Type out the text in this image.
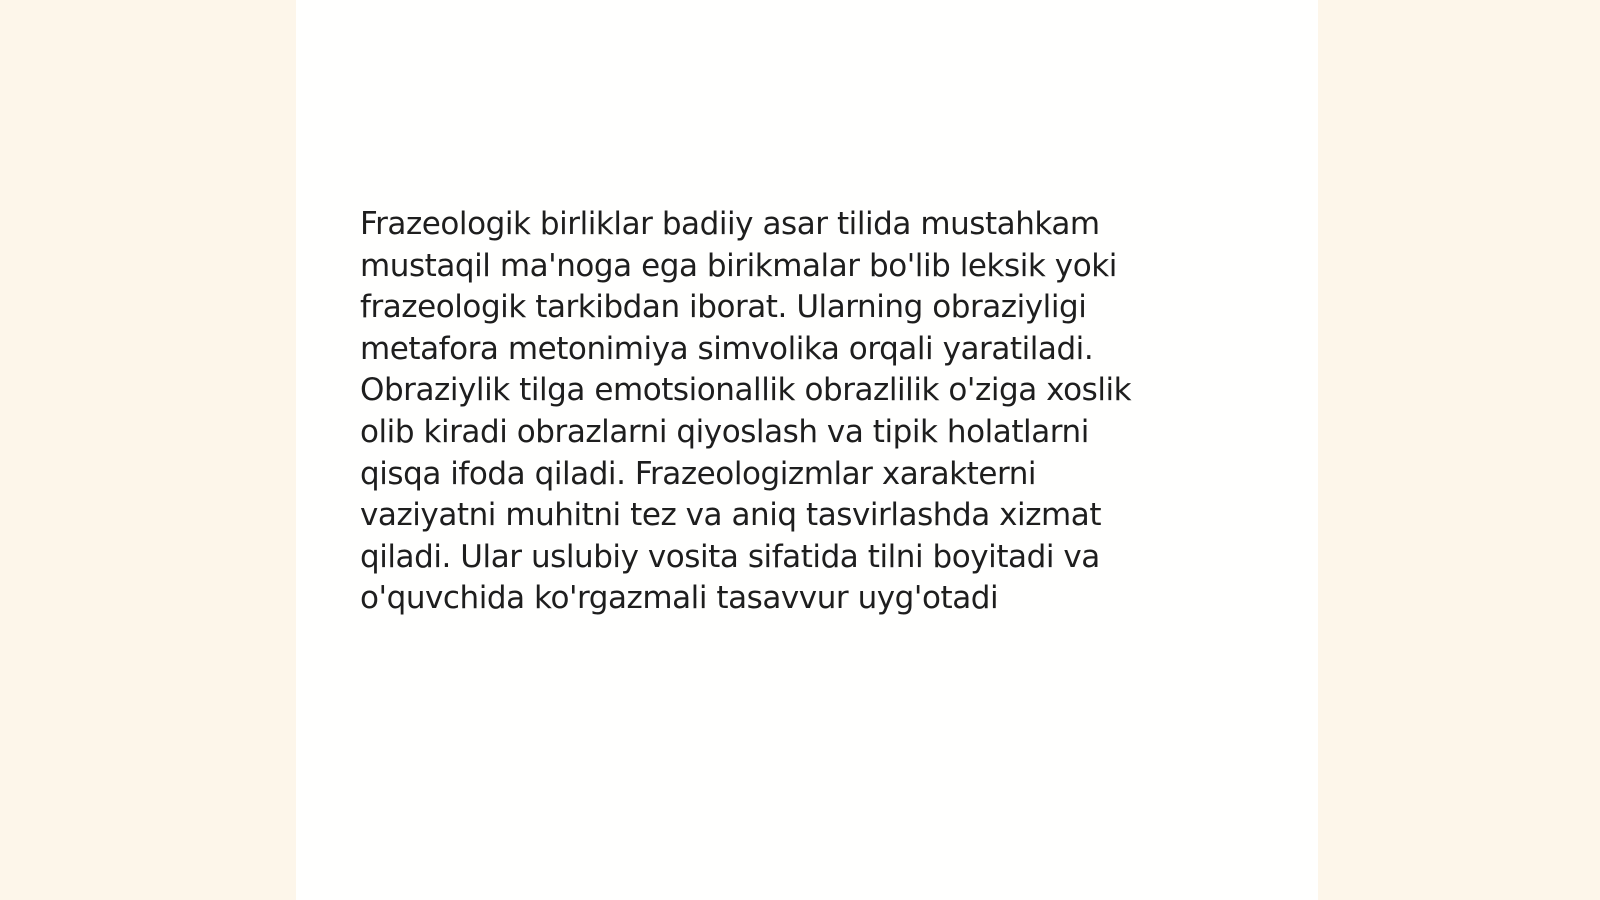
Frazeologik birliklar badiiy asar tilida mustahkam
mustaqil ma'noga ega birikmalar bo'lib leksik yoki
frazeologik tarkibdan iborat. Ularning obraziyligi
metafora metonimiya simvolika orqali yaratiladi.
Obraziylik tilga emotsionallik obrazlilik o'ziga xoslik
olib kiradi obrazlarni qiyoslash va tipik holatlarni
qisqa ifoda qiladi. Frazeologizmlar xarakterni
vaziyatni muhitni tez va aniq tasvirlashda xizmat
qiladi. Ular uslubiy vosita sifatida tilni boyitadi va
o'quvchida ko'rgazmali tasavvur uyg'otadi
